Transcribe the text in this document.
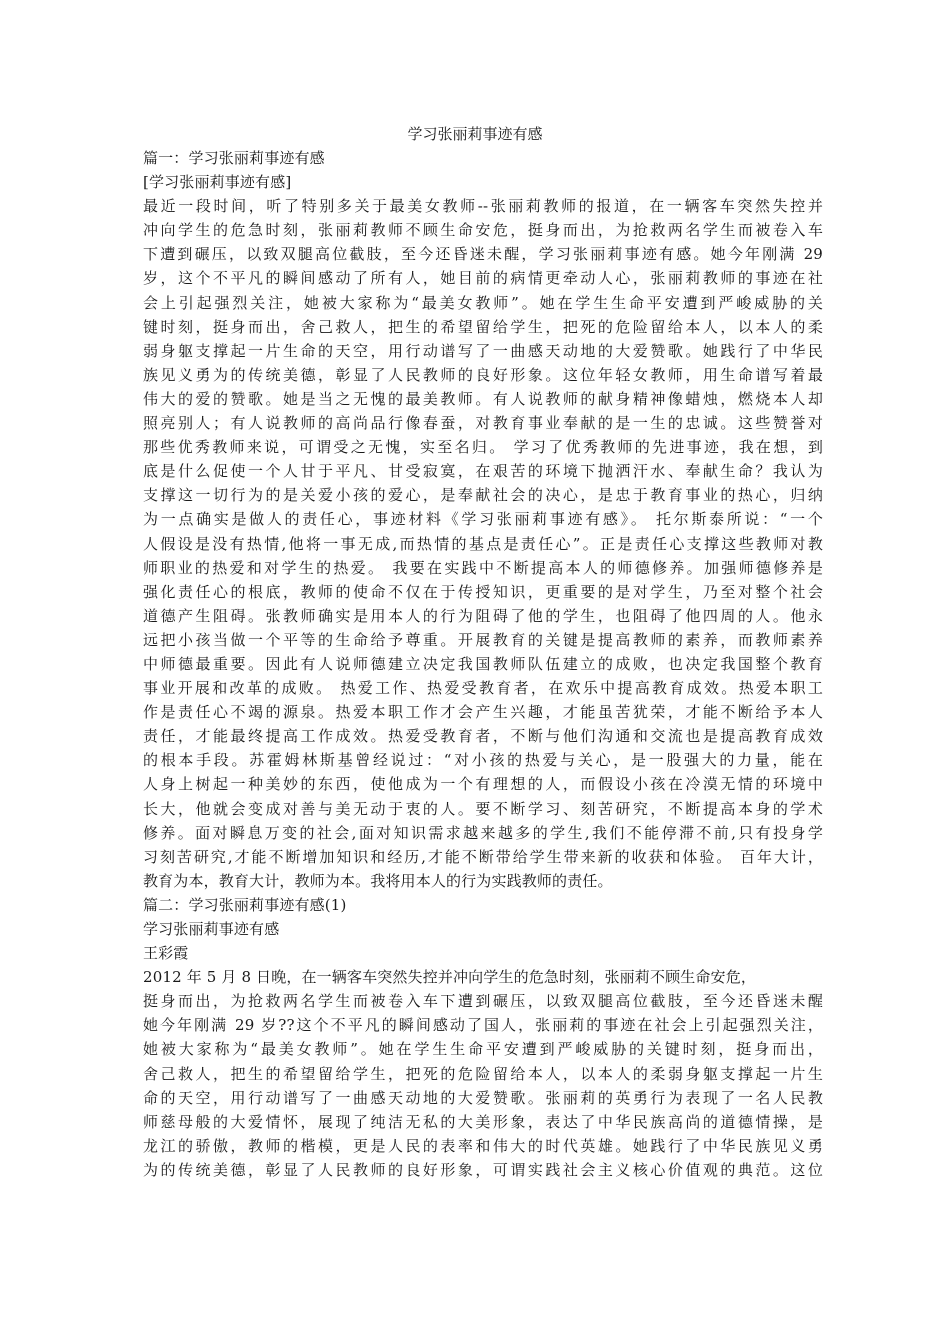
学习张丽莉事迹有感
篇一：学习张丽莉事迹有感
[学习张丽莉事迹有感]
最近一段时间，听了特别多关于最美女教师--张丽莉教师的报道，在一辆客车突然失控并
冲向学生的危急时刻，张丽莉教师不顾生命安危，挺身而出，为抢救两名学生而被卷入车
下遭到碾压，以致双腿高位截肢，至今还昏迷未醒，学习张丽莉事迹有感。她今年刚满 29
岁，这个不平凡的瞬间感动了所有人，她目前的病情更牵动人心，张丽莉教师的事迹在社
会上引起强烈关注，她被大家称为“最美女教师”。她在学生生命平安遭到严峻威胁的关
键时刻，挺身而出，舍己救人，把生的希望留给学生，把死的危险留给本人，以本人的柔
弱身躯支撑起一片生命的天空，用行动谱写了一曲感天动地的大爱赞歌。她践行了中华民
族见义勇为的传统美德，彰显了人民教师的良好形象。这位年轻女教师，用生命谱写着最
伟大的爱的赞歌。她是当之无愧的最美教师。有人说教师的献身精神像蜡烛，燃烧本人却
照亮别人；有人说教师的高尚品行像春蚕，对教育事业奉献的是一生的忠诚。这些赞誉对
那些优秀教师来说，可谓受之无愧，实至名归。 学习了优秀教师的先进事迹，我在想，到
底是什么促使一个人甘于平凡、甘受寂寞，在艰苦的环境下抛洒汗水、奉献生命？我认为
支撑这一切行为的是关爱小孩的爱心，是奉献社会的决心，是忠于教育事业的热心，归纳
为一点确实是做人的责任心，事迹材料《学习张丽莉事迹有感》。 托尔斯泰所说：“一个
人假设是没有热情,他将一事无成,而热情的基点是责任心”。正是责任心支撑这些教师对教
师职业的热爱和对学生的热爱。 我要在实践中不断提高本人的师德修养。加强师德修养是
强化责任心的根底，教师的使命不仅在于传授知识，更重要的是对学生，乃至对整个社会
道德产生阻碍。张教师确实是用本人的行为阻碍了他的学生，也阻碍了他四周的人。他永
远把小孩当做一个平等的生命给予尊重。开展教育的关键是提高教师的素养，而教师素养
中师德最重要。因此有人说师德建立决定我国教师队伍建立的成败，也决定我国整个教育
事业开展和改革的成败。 热爱工作、热爱受教育者，在欢乐中提高教育成效。热爱本职工
作是责任心不竭的源泉。热爱本职工作才会产生兴趣，才能虽苦犹荣，才能不断给予本人
责任，才能最终提高工作成效。热爱受教育者，不断与他们沟通和交流也是提高教育成效
的根本手段。苏霍姆林斯基曾经说过：“对小孩的热爱与关心，是一股强大的力量，能在
人身上树起一种美妙的东西，使他成为一个有理想的人，而假设小孩在冷漠无情的环境中
长大，他就会变成对善与美无动于衷的人。要不断学习、刻苦研究，不断提高本身的学术
修养。面对瞬息万变的社会,面对知识需求越来越多的学生,我们不能停滞不前,只有投身学
习刻苦研究,才能不断增加知识和经历,才能不断带给学生带来新的收获和体验。 百年大计，
教育为本，教育大计，教师为本。我将用本人的行为实践教师的责任。
篇二：学习张丽莉事迹有感(1)
学习张丽莉事迹有感
王彩霞
2012 年 5 月 8 日晚，在一辆客车突然失控并冲向学生的危急时刻，张丽莉不顾生命安危，
挺身而出，为抢救两名学生而被卷入车下遭到碾压，以致双腿高位截肢，至今还昏迷未醒
她今年刚满 29 岁??这个不平凡的瞬间感动了国人，张丽莉的事迹在社会上引起强烈关注，
她被大家称为“最美女教师”。她在学生生命平安遭到严峻威胁的关键时刻，挺身而出，
舍己救人，把生的希望留给学生，把死的危险留给本人，以本人的柔弱身躯支撑起一片生
命的天空，用行动谱写了一曲感天动地的大爱赞歌。张丽莉的英勇行为表现了一名人民教
师慈母般的大爱情怀，展现了纯洁无私的大美形象，表达了中华民族高尚的道德情操，是
龙江的骄傲，教师的楷模，更是人民的表率和伟大的时代英雄。她践行了中华民族见义勇
为的传统美德，彰显了人民教师的良好形象，可谓实践社会主义核心价值观的典范。这位
